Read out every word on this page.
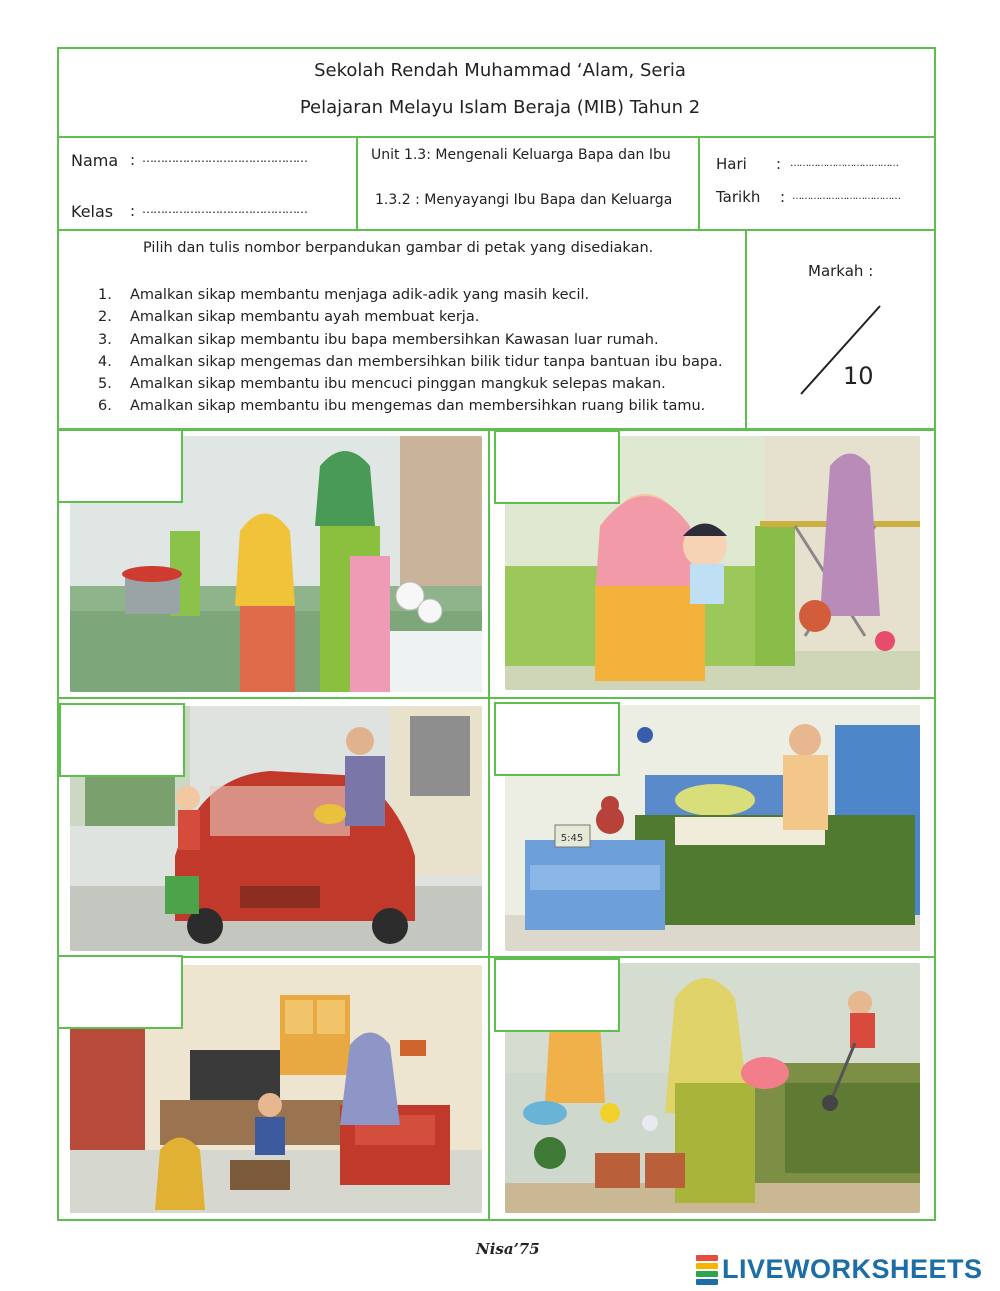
Sekolah Rendah Muhammad ‘Alam, Seria
Pelajaran Melayu Islam Beraja (MIB) Tahun 2
Nama : ………………………………………
Kelas : ………………………………………
Unit 1.3: Mengenali Keluarga Bapa dan Ibu
1.3.2 : Menyayangi Ibu Bapa dan Keluarga
Hari : ………………………………
Tarikh : ………………………………
Pilih dan tulis nombor berpandukan gambar di petak yang disediakan.
1. Amalkan sikap membantu menjaga adik-adik yang masih kecil.
2. Amalkan sikap membantu ayah membuat kerja.
3. Amalkan sikap membantu ibu bapa membersihkan Kawasan luar rumah.
4. Amalkan sikap mengemas dan membersihkan bilik tidur tanpa bantuan ibu bapa.
5. Amalkan sikap membantu ibu mencuci pinggan mangkuk selepas makan.
6. Amalkan sikap membantu ibu mengemas dan membersihkan ruang bilik tamu.
Markah :
10
5:45
Nisa’75
LIVEWORKSHEETS
